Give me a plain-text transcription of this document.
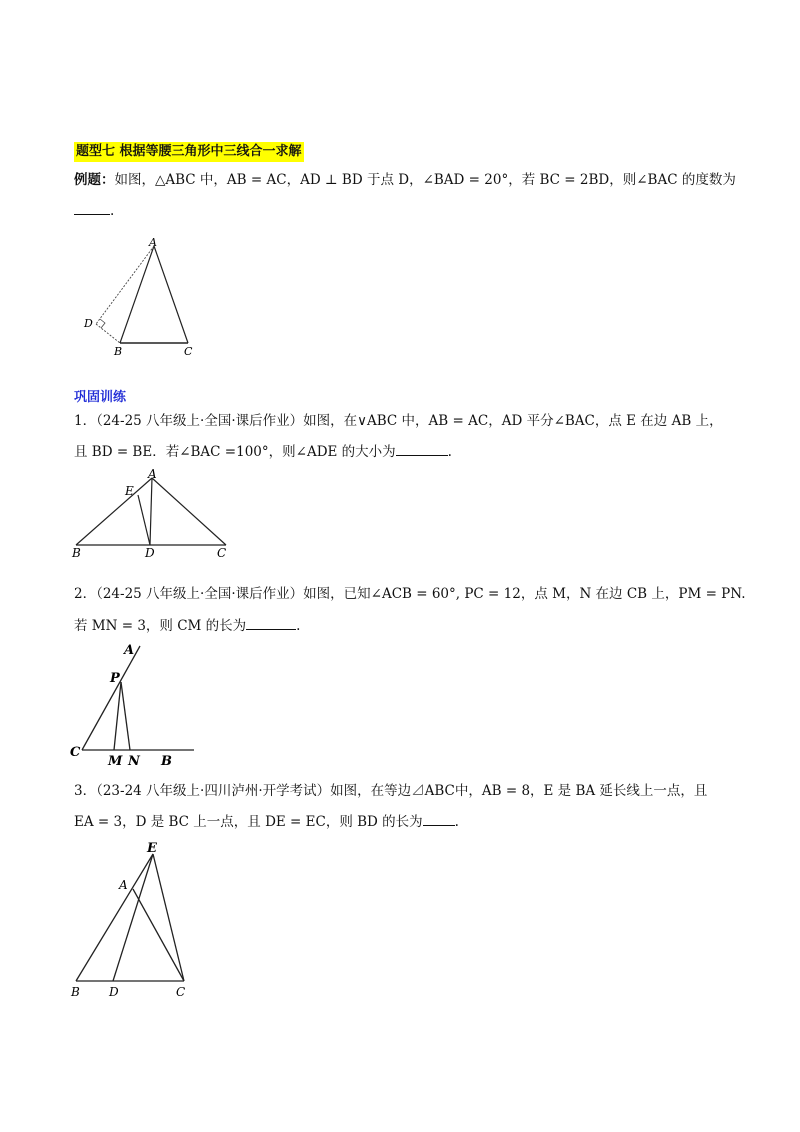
题型七 根据等腰三角形中三线合一求解
例题：如图，△ABC 中，AB = AC，AD ⊥ BD 于点 D，∠BAD = 20°，若 BC = 2BD，则∠BAC 的度数为
.
A
B	C
D
巩固训练
1．（24-25 八年级上·全国·课后作业）如图，在∨ABC 中，AB = AC，AD 平分∠BAC，点 E 在边 AB 上，
且 BD = BE．若∠BAC =100°，则∠ADE 的大小为	.
A
E
B	D	C
2．（24-25 八年级上·全国·课后作业）如图，已知∠ACB = 60°, PC = 12，点 M，N 在边 CB 上，PM = PN.
若 MN = 3，则 CM 的长为	.
A
P
C
M N B
3．（23-24 八年级上·四川泸州·开学考试）如图，在等边⊿ABC中，AB = 8，E 是 BA 延长线上一点，且
EA = 3，D 是 BC 上一点，且 DE = EC，则 BD 的长为 .
E
A
B D	C
